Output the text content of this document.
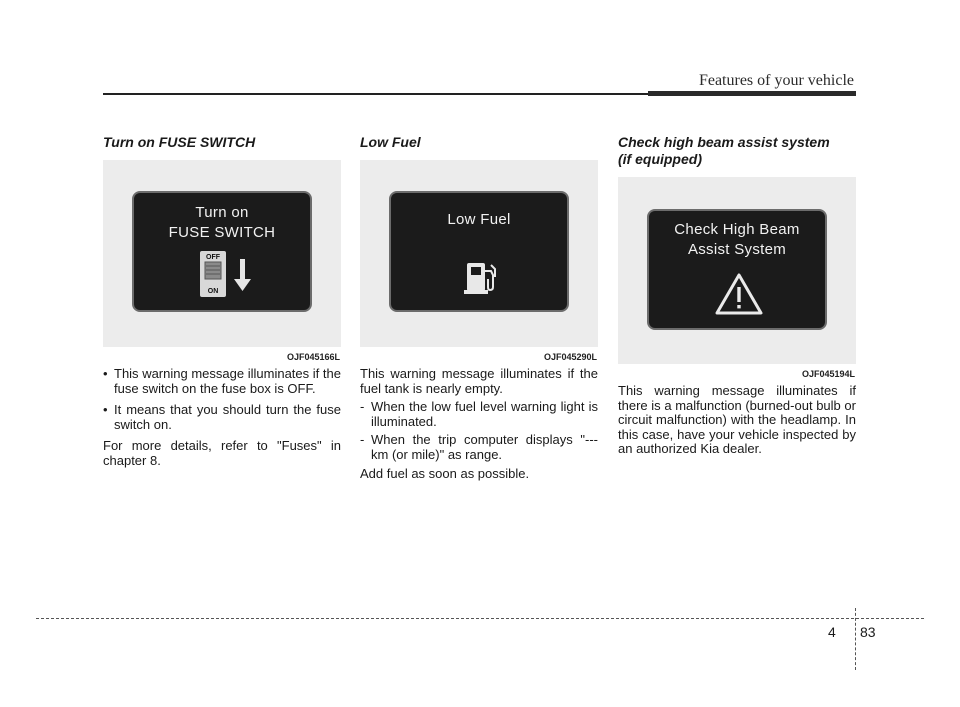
Features of your vehicle
Turn on FUSE SWITCH
Turn on
FUSE SWITCH
OFF
ON
OJF045166L
• This warning message illuminates if the fuse switch on the fuse box is OFF.
• It means that you should turn the fuse switch on.

For more details, refer to "Fuses" in chapter 8.

Low Fuel
Low Fuel
OJF045290L

This warning message illuminates if the fuel tank is nearly empty.

- When the low fuel level warning light is illuminated.
- When the trip computer displays "--- km (or mile)" as range.

Add fuel as soon as possible.

Check high beam assist system
(if equipped)
Check High Beam
Assist System
OJF045194L

This warning message illuminates if there is a malfunction (burned-out bulb or circuit malfunction) with the headlamp. In this case, have your vehicle inspected by an authorized Kia dealer.

4 83
